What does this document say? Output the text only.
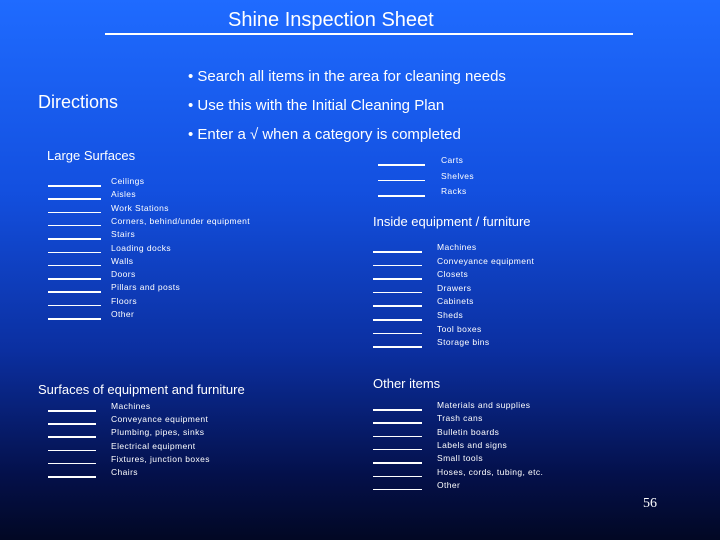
Shine Inspection Sheet
Directions
• Search all items in the area for cleaning needs
• Use this with the Initial Cleaning Plan
• Enter a √ when a category is completed
Large Surfaces
Inside equipment / furniture
Surfaces of equipment and furniture	Other items
Ceilings
Aisles
Work Stations
Corners, behind/under equipment
Stairs
Loading docks
Walls
Doors
Pillars and posts
Floors
Other
Carts
Shelves
Racks
Machines
Conveyance equipment
Closets
Drawers
Cabinets
Sheds
Tool boxes
Storage bins
Machines
Conveyance equipment
Plumbing, pipes, sinks
Electrical equipment
Fixtures, junction boxes
Chairs
Materials and supplies
Trash cans
Bulletin boards
Labels and signs
Small tools
Hoses, cords, tubing, etc.
Other
56
